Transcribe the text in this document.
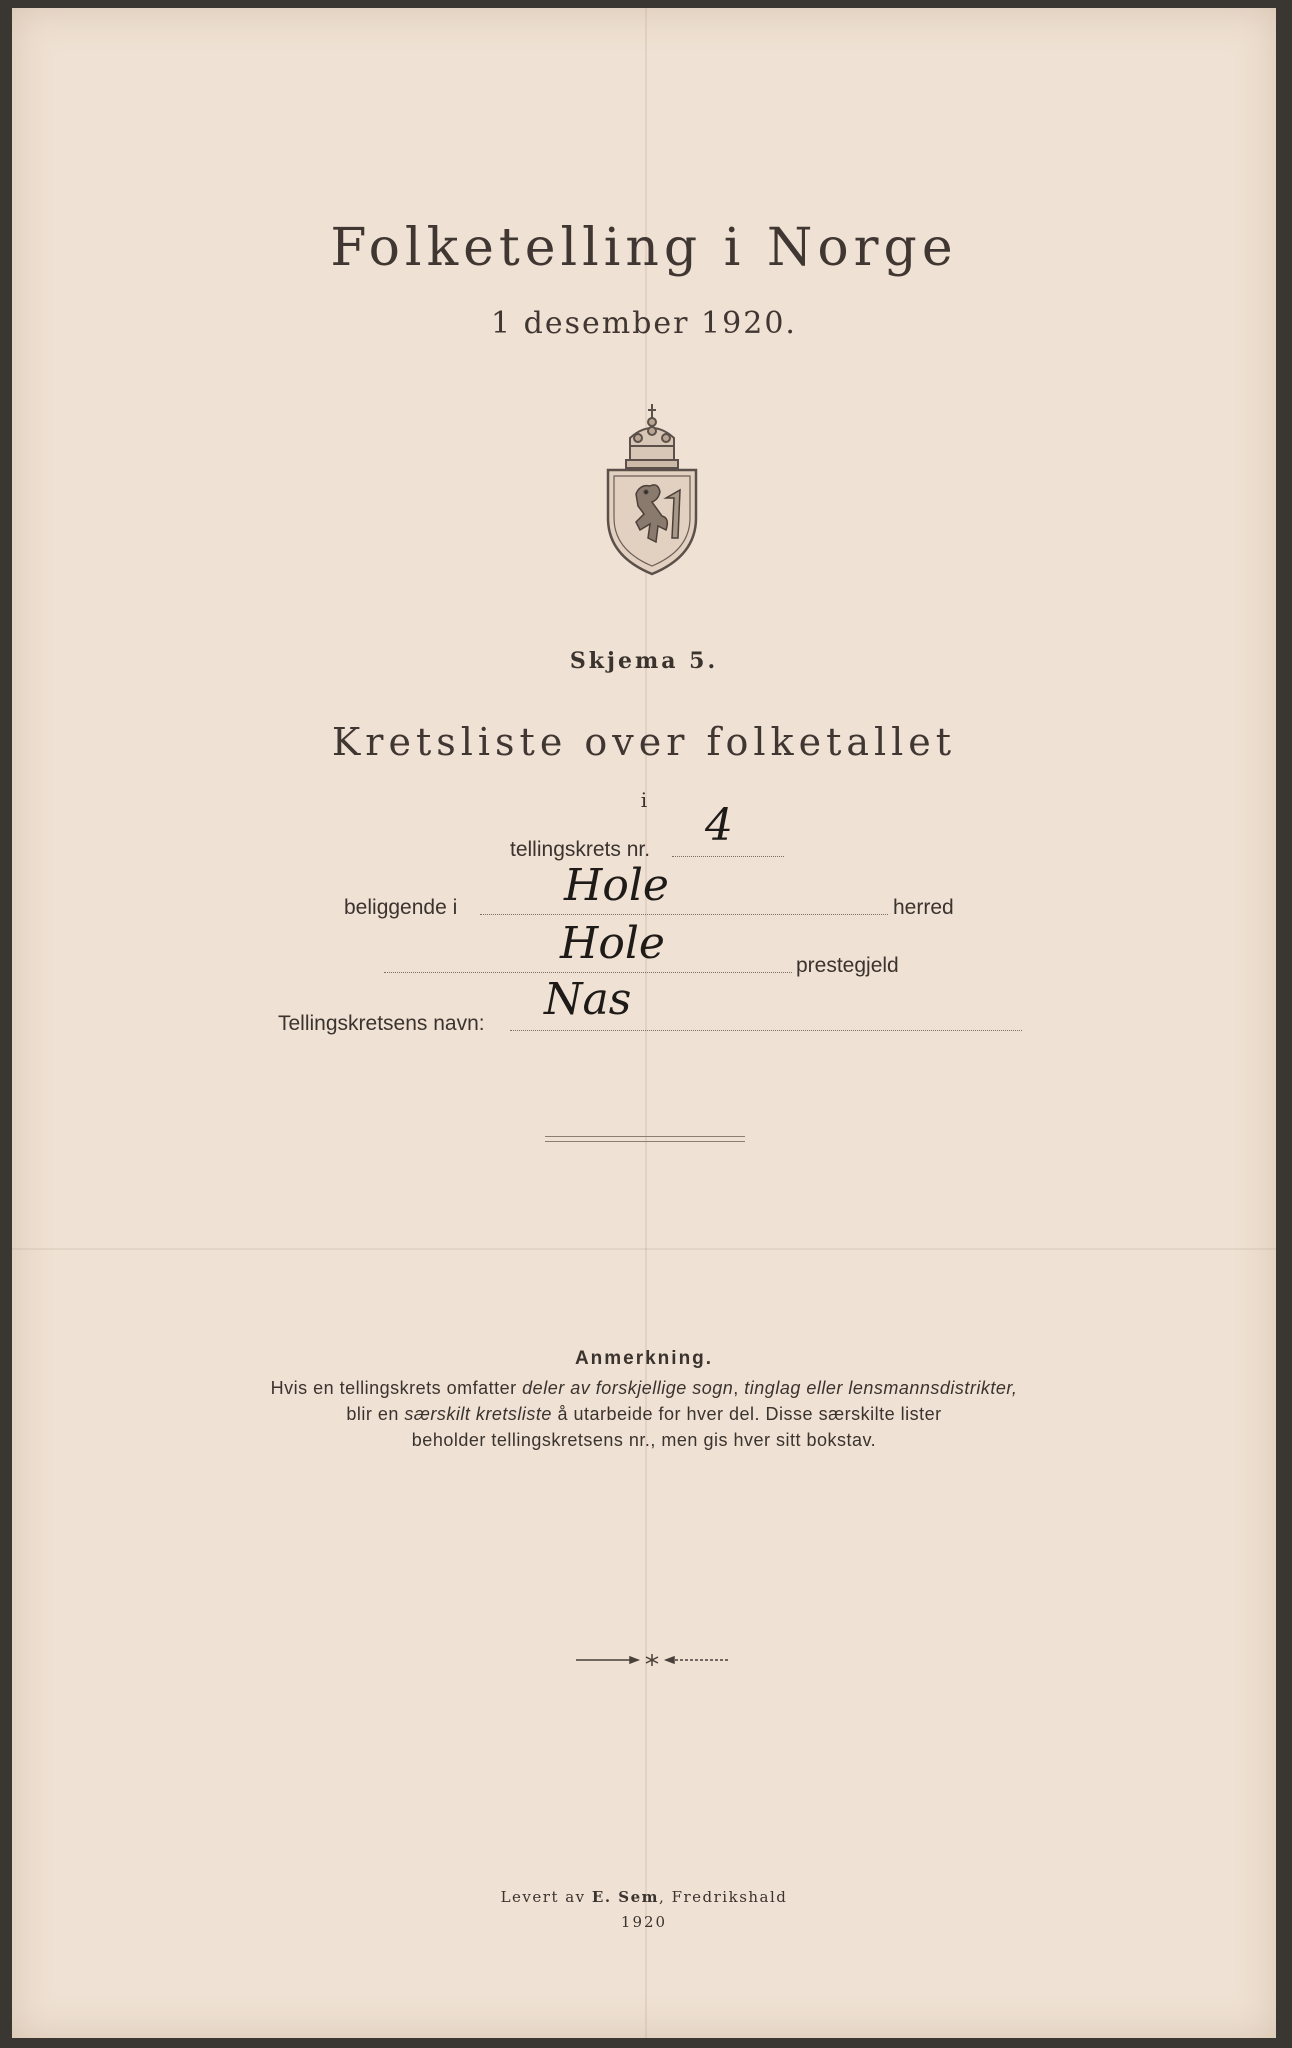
Folketelling i Norge
1 desember 1920.
Skjema 5.
Kretsliste over folketallet
i
tellingskrets nr. 4
beliggende i Hole	herred
Hole	prestegjeld
Tellingskretsens navn: Nas
Anmerkning.
Hvis en tellingskrets omfatter deler av forskjellige sogn, tinglag eller lensmannsdistrikter,
blir en særskilt kretsliste å utarbeide for hver del. Disse særskilte lister
beholder tellingskretsens nr., men gis hver sitt bokstav.
Levert av E. Sem, Fredrikshald
1920
